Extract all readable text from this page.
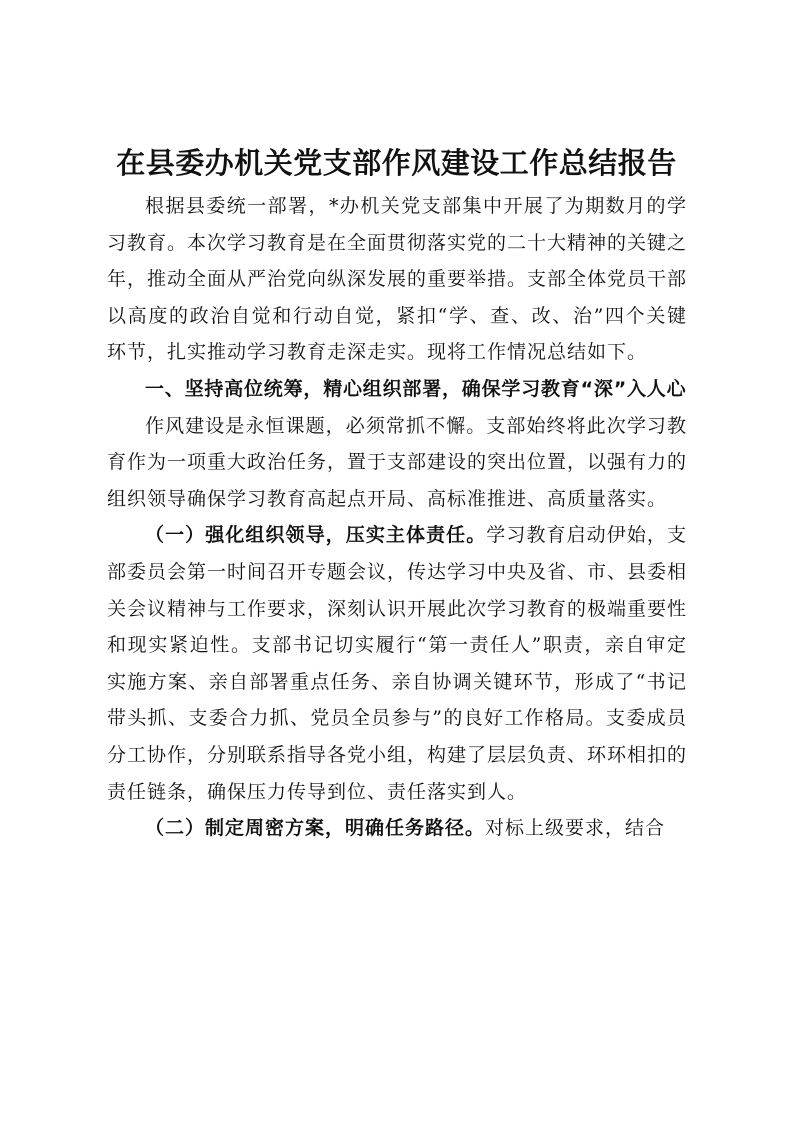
在县委办机关党支部作风建设工作总结报告

根据县委统一部署，*办机关党支部集中开展了为期数月的学习教育。本次学习教育是在全面贯彻落实党的二十大精神的关键之年，推动全面从严治党向纵深发展的重要举措。支部全体党员干部以高度的政治自觉和行动自觉，紧扣“学、查、改、治”四个关键环节，扎实推动学习教育走深走实。现将工作情况总结如下。

一、坚持高位统筹，精心组织部署，确保学习教育“深”入人心

作风建设是永恒课题，必须常抓不懈。支部始终将此次学习教育作为一项重大政治任务，置于支部建设的突出位置，以强有力的组织领导确保学习教育高起点开局、高标准推进、高质量落实。

（一）强化组织领导，压实主体责任。学习教育启动伊始，支部委员会第一时间召开专题会议，传达学习中央及省、市、县委相关会议精神与工作要求，深刻认识开展此次学习教育的极端重要性和现实紧迫性。支部书记切实履行“第一责任人”职责，亲自审定实施方案、亲自部署重点任务、亲自协调关键环节，形成了“书记带头抓、支委合力抓、党员全员参与”的良好工作格局。支委成员分工协作，分别联系指导各党小组，构建了层层负责、环环相扣的责任链条，确保压力传导到位、责任落实到人。

（二）制定周密方案，明确任务路径。对标上级要求，结合
